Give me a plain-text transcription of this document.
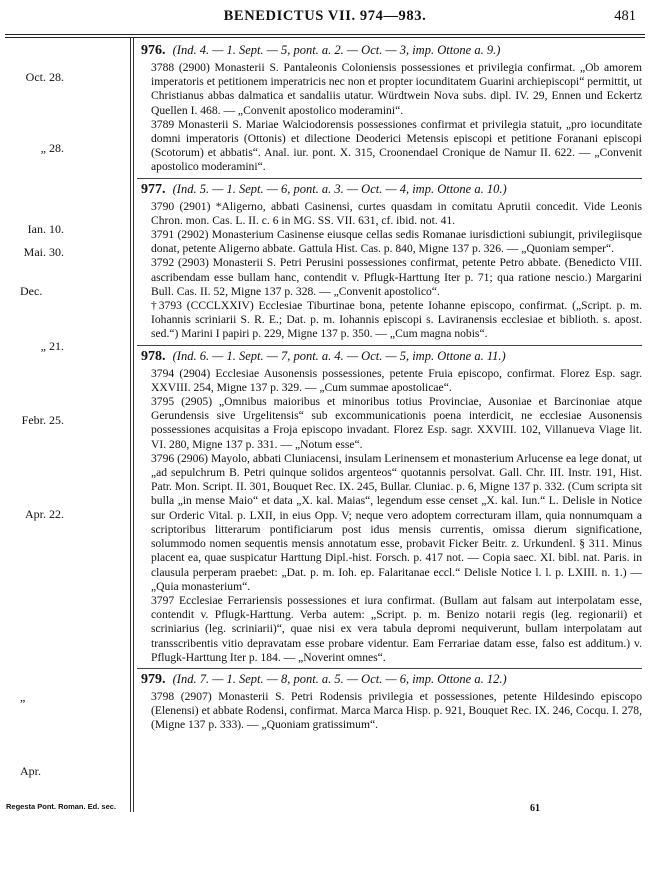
BENEDICTUS VII. 974—983.	481
Oct. 28.
„ 28.
Ian. 10.
Mai. 30.
Dec.
„ 21.
Febr. 25.
Apr. 22.
„
Apr.
976. (Ind. 4. — 1. Sept. — 5, pont. a. 2. — Oct. — 3, imp. Ottone a. 9.)
3788 (2900) Monasterii S. Pantaleonis Coloniensis possessiones et privilegia confirmat. „Ob amorem imperatoris et petitionem imperatricis nec non et propter iocunditatem Guarini archiepiscopi“ permittit, ut Christianus abbas dalmatica et sandaliis utatur. Würdtwein Nova subs. dipl. IV. 29, Ennen und Eckertz Quellen I. 468. — „Convenit apostolico moderamini“.
3789 Monasterii S. Mariae Walciodorensis possessiones confirmat et privilegia statuit, „pro iocunditate domni imperatoris (Ottonis) et dilectione Deoderici Metensis episcopi et petitione Foranani episcopi (Scotorum) et abbatis“. Anal. iur. pont. X. 315, Croonendael Cronique de Namur II. 622. — „Convenit apostolico moderamini“.
977. (Ind. 5. — 1. Sept. — 6, pont. a. 3. — Oct. — 4, imp. Ottone a. 10.)
3790 (2901) *Aligerno, abbati Casinensi, curtes quasdam in comitatu Aprutii concedit. Vide Leonis Chron. mon. Cas. L. II. c. 6 in MG. SS. VII. 631, cf. ibid. not. 41.
3791 (2902) Monasterium Casinense eiusque cellas sedis Romanae iurisdictioni subiungit, privilegiisque donat, petente Aligerno abbate. Gattula Hist. Cas. p. 840, Migne 137 p. 326. — „Quoniam semper“.
3792 (2903) Monasterii S. Petri Perusini possessiones confirmat, petente Petro abbate. (Benedicto VIII. ascribendam esse bullam hanc, contendit v. Pflugk-Harttung Iter p. 71; qua ratione nescio.) Margarini Bull. Cas. II. 52, Migne 137 p. 328. — „Convenit apostolico“.
†3793 (CCCLXXIV) Ecclesiae Tiburtinae bona, petente Iohanne episcopo, confirmat. („Script. p. m. Iohannis scriniarii S. R. E.; Dat. p. m. Iohannis episcopi s. Laviranensis ecclesiae et biblioth. s. apost. sed.“) Marini I papiri p. 229, Migne 137 p. 350. — „Cum magna nobis“.
978. (Ind. 6. — 1. Sept. — 7, pont. a. 4. — Oct. — 5, imp. Ottone a. 11.)
3794 (2904) Ecclesiae Ausonensis possessiones, petente Fruia episcopo, confirmat. Florez Esp. sagr. XXVIII. 254, Migne 137 p. 329. — „Cum summae apostolicae“.
3795 (2905) „Omnibus maioribus et minoribus totius Provinciae, Ausoniae et Barcinoniae atque Gerundensis sive Urgelitensis“ sub excommunicationis poena interdicit, ne ecclesiae Ausonensis possessiones acquisitas a Froja episcopo invadant. Florez Esp. sagr. XXVIII. 102, Villanueva Viage lit. VI. 280, Migne 137 p. 331. — „Notum esse“.
3796 (2906) Mayolo, abbati Cluniacensi, insulam Lerinensem et monasterium Arlucense ea lege donat, ut „ad sepulchrum B. Petri quinque solidos argenteos“ quotannis persolvat. Gall. Chr. III. Instr. 191, Hist. Patr. Mon. Script. II. 301, Bouquet Rec. IX. 245, Bullar. Cluniac. p. 6, Migne 137 p. 332. (Cum scripta sit bulla „in mense Maio“ et data „X. kal. Maias“, legendum esse censet „X. kal. Iun.“ L. Delisle in Notice sur Orderic Vital. p. LXII, in eius Opp. V; neque vero adoptem correcturam illam, quia nonnumquam a scriptoribus litterarum pontificiarum post idus mensis currentis, omissa dierum significatione, solummodo nomen sequentis mensis annotatum esse, probavit Ficker Beitr. z. Urkundenl. § 311. Minus placent ea, quae suspicatur Harttung Dipl.-hist. Forsch. p. 417 not. — Copia saec. XI. bibl. nat. Paris. in clausula perperam praebet: „Dat. p. m. Ioh. ep. Falaritanae eccl.“ Delisle Notice l. l. p. LXIII. n. 1.) — „Quia monasterium“.
3797 Ecclesiae Ferrariensis possessiones et iura confirmat. (Bullam aut falsam aut interpolatam esse, contendit v. Pflugk-Harttung. Verba autem: „Script. p. m. Benizo notarii regis (leg. regionarii) et scriniarius (leg. scriniarii)“, quae nisi ex vera tabula depromi nequiverunt, bullam interpolatam aut transscribentis vitio depravatam esse probare videntur. Eam Ferrariae datam esse, falso est additum.) v. Pflugk-Harttung Iter p. 184. — „Noverint omnes“.
979. (Ind. 7. — 1. Sept. — 8, pont. a. 5. — Oct. — 6, imp. Ottone a. 12.)
3798 (2907) Monasterii S. Petri Rodensis privilegia et possessiones, petente Hildesindo episcopo (Elenensi) et abbate Rodensi, confirmat. Marca Marca Hisp. p. 921, Bouquet Rec. IX. 246, Cocqu. I. 278, (Migne 137 p. 333). — „Quoniam gratissimum“.
Regesta Pont. Roman. Ed. sec.	61
